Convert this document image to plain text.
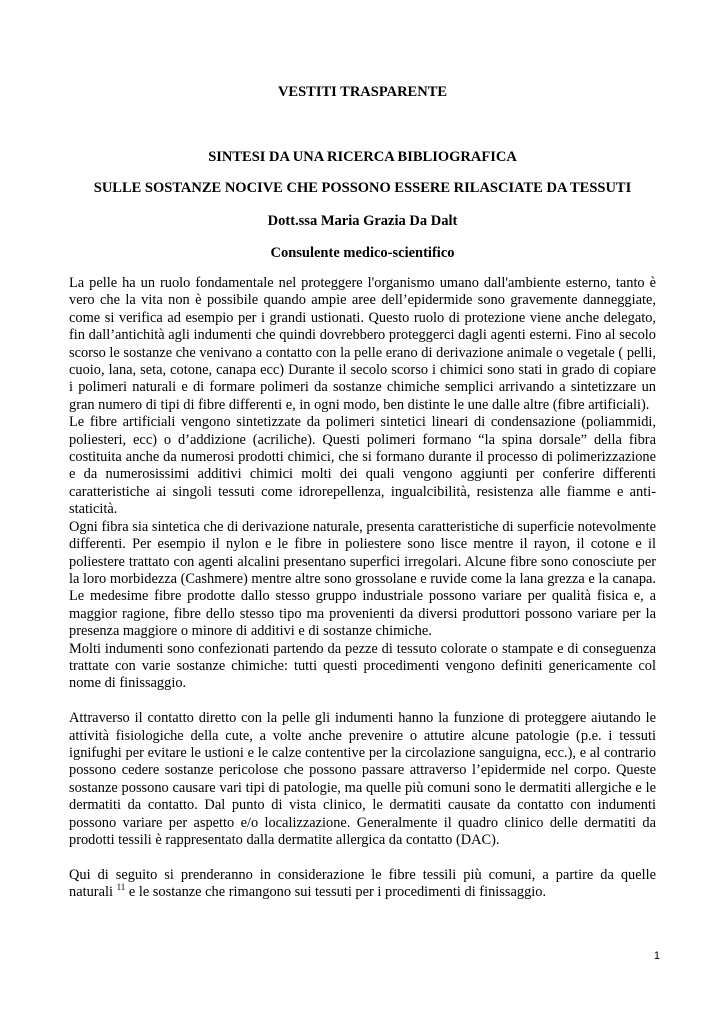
VESTITI TRASPARENTE
SINTESI DA UNA RICERCA BIBLIOGRAFICA
SULLE SOSTANZE NOCIVE CHE POSSONO ESSERE RILASCIATE DA TESSUTI
Dott.ssa Maria Grazia Da Dalt
Consulente medico-scientifico

La pelle ha un ruolo fondamentale nel proteggere l'organismo umano dall'ambiente esterno, tanto è vero che la vita non è possibile quando ampie aree dell’epidermide sono gravemente danneggiate, come si verifica ad esempio per i grandi ustionati. Questo ruolo di protezione viene anche delegato, fin dall’antichità agli indumenti che quindi dovrebbero proteggerci dagli agenti esterni. Fino al secolo scorso le sostanze che venivano a contatto con la pelle erano di derivazione animale o vegetale ( pelli, cuoio, lana, seta, cotone, canapa ecc) Durante il secolo scorso i chimici sono stati in grado di copiare i polimeri naturali e di formare polimeri da sostanze chimiche semplici arrivando a sintetizzare un gran numero di tipi di fibre differenti e, in ogni modo, ben distinte le une dalle altre (fibre artificiali).

Le fibre artificiali vengono sintetizzate da polimeri sintetici lineari di condensazione (poliammidi, poliesteri, ecc) o d’addizione (acriliche). Questi polimeri formano “la spina dorsale” della fibra costituita anche da numerosi prodotti chimici, che si formano durante il processo di polimerizzazione e da numerosissimi additivi chimici molti dei quali vengono aggiunti per conferire differenti caratteristiche ai singoli tessuti come idrorepellenza, ingualcibilità, resistenza alle fiamme e anti-staticità.

Ogni fibra sia sintetica che di derivazione naturale, presenta caratteristiche di superficie notevolmente differenti. Per esempio il nylon e le fibre in poliestere sono lisce mentre il rayon, il cotone e il poliestere trattato con agenti alcalini presentano superfici irregolari. Alcune fibre sono conosciute per la loro morbidezza (Cashmere) mentre altre sono grossolane e ruvide come la lana grezza e la canapa. Le medesime fibre prodotte dallo stesso gruppo industriale possono variare per qualità fisica e, a maggior ragione, fibre dello stesso tipo ma provenienti da diversi produttori possono variare per la presenza maggiore o minore di additivi e di sostanze chimiche.

Molti indumenti sono confezionati partendo da pezze di tessuto colorate o stampate e di conseguenza trattate con varie sostanze chimiche: tutti questi procedimenti vengono definiti genericamente col nome di finissaggio.

Attraverso il contatto diretto con la pelle gli indumenti hanno la funzione di proteggere aiutando le attività fisiologiche della cute, a volte anche prevenire o attutire alcune patologie (p.e. i tessuti ignifughi per evitare le ustioni e le calze contentive per la circolazione sanguigna, ecc.), e al contrario possono cedere sostanze pericolose che possono passare attraverso l’epidermide nel corpo. Queste sostanze possono causare vari tipi di patologie, ma quelle più comuni sono le dermatiti allergiche e le dermatiti da contatto. Dal punto di vista clinico, le dermatiti causate da contatto con indumenti possono variare per aspetto e/o localizzazione. Generalmente il quadro clinico delle dermatiti da prodotti tessili è rappresentato dalla dermatite allergica da contatto (DAC).

Qui di seguito si prenderanno in considerazione le fibre tessili più comuni, a partire da quelle naturali $^{11}$ e le sostanze che rimangono sui tessuti per i procedimenti di finissaggio.

1
